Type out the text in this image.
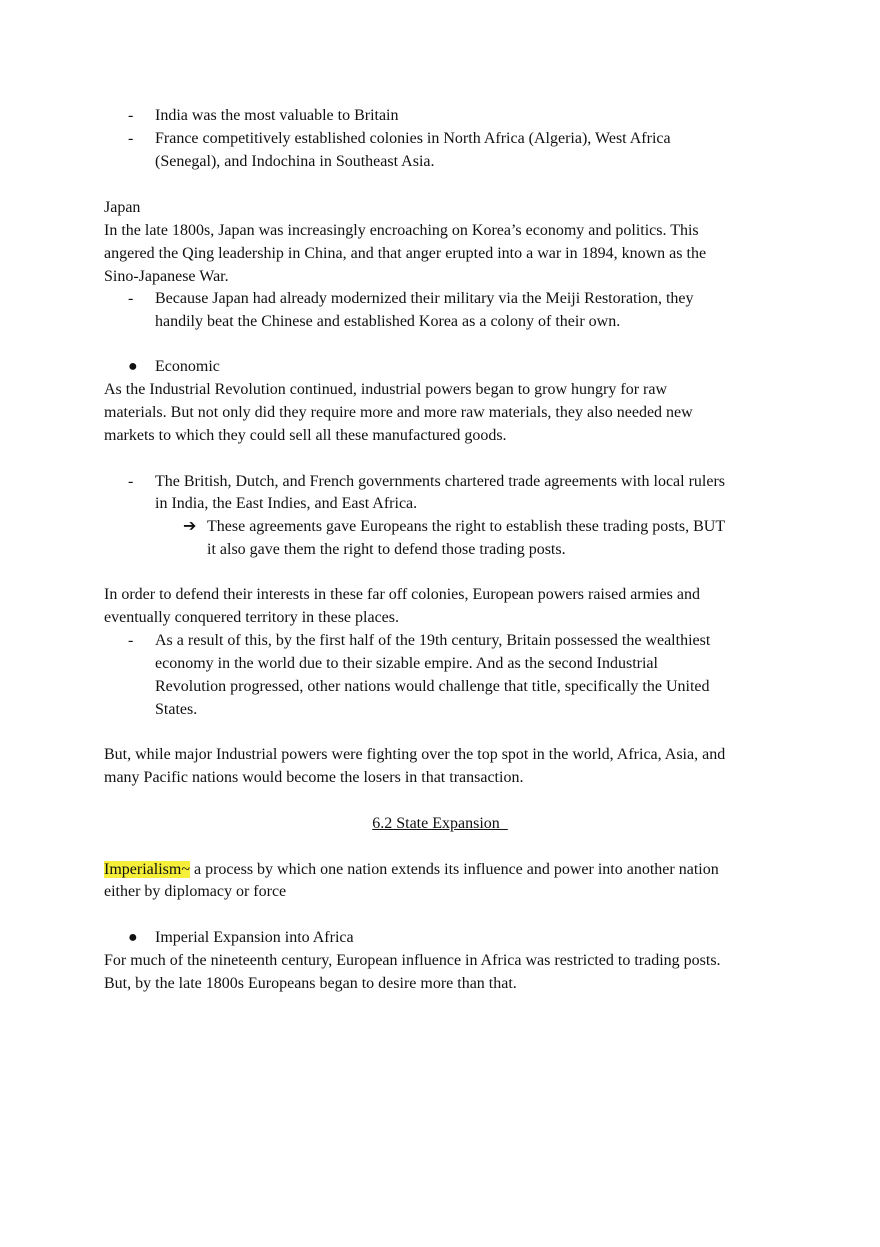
- India was the most valuable to Britain
- France competitively established colonies in North Africa (Algeria), West Africa
(Senegal), and Indochina in Southeast Asia.
Japan
In the late 1800s, Japan was increasingly encroaching on Korea’s economy and politics. This
angered the Qing leadership in China, and that anger erupted into a war in 1894, known as the
Sino-Japanese War.
- Because Japan had already modernized their military via the Meiji Restoration, they
handily beat the Chinese and established Korea as a colony of their own.
● Economic
As the Industrial Revolution continued, industrial powers began to grow hungry for raw
materials. But not only did they require more and more raw materials, they also needed new
markets to which they could sell all these manufactured goods.
- The British, Dutch, and French governments chartered trade agreements with local rulers
in India, the East Indies, and East Africa.
➔ These agreements gave Europeans the right to establish these trading posts, BUT
it also gave them the right to defend those trading posts.
In order to defend their interests in these far off colonies, European powers raised armies and
eventually conquered territory in these places.
- As a result of this, by the first half of the 19th century, Britain possessed the wealthiest
economy in the world due to their sizable empire. And as the second Industrial
Revolution progressed, other nations would challenge that title, specifically the United
States.
But, while major Industrial powers were fighting over the top spot in the world, Africa, Asia, and
many Pacific nations would become the losers in that transaction.
6.2 State Expansion
Imperialism~ a process by which one nation extends its influence and power into another nation
either by diplomacy or force
● Imperial Expansion into Africa
For much of the nineteenth century, European influence in Africa was restricted to trading posts.
But, by the late 1800s Europeans began to desire more than that.
